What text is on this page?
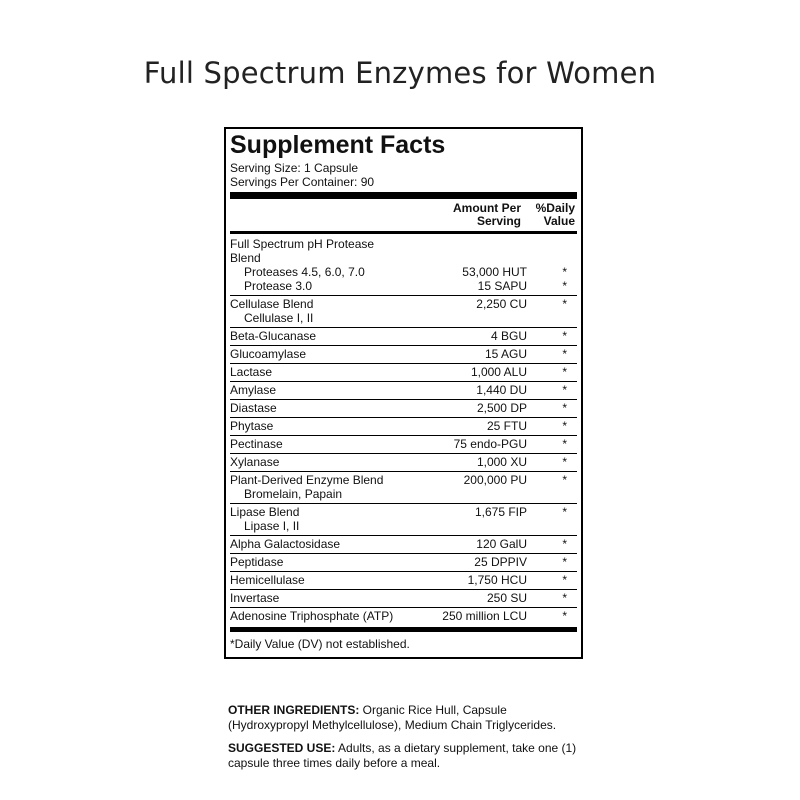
Full Spectrum Enzymes for Women
Supplement Facts
Serving Size: 1 Capsule
Servings Per Container: 90
Amount Per Serving
%Daily Value
Full Spectrum pH Protease Blend
Proteases 4.5, 6.0, 7.0	53,000 HUT	*
Protease 3.0	15 SAPU	*
Cellulase Blend	2,250 CU	*
Cellulase I, II
Beta-Glucanase	4 BGU	*
Glucoamylase	15 AGU	*
Lactase	1,000 ALU	*
Amylase	1,440 DU	*
Diastase	2,500 DP	*
Phytase	25 FTU	*
Pectinase	75 endo-PGU	*
Xylanase	1,000 XU	*
Plant-Derived Enzyme Blend	200,000 PU	*
Bromelain, Papain
Lipase Blend	1,675 FIP	*
Lipase I, II
Alpha Galactosidase	120 GalU	*
Peptidase	25 DPPIV	*
Hemicellulase	1,750 HCU	*
Invertase	250 SU	*
Adenosine Triphosphate (ATP)	250 million LCU	*
*Daily Value (DV) not established.

OTHER INGREDIENTS: Organic Rice Hull, Capsule (Hydroxypropyl Methylcellulose), Medium Chain Triglycerides.

SUGGESTED USE: Adults, as a dietary supplement, take one (1) capsule three times daily before a meal.
